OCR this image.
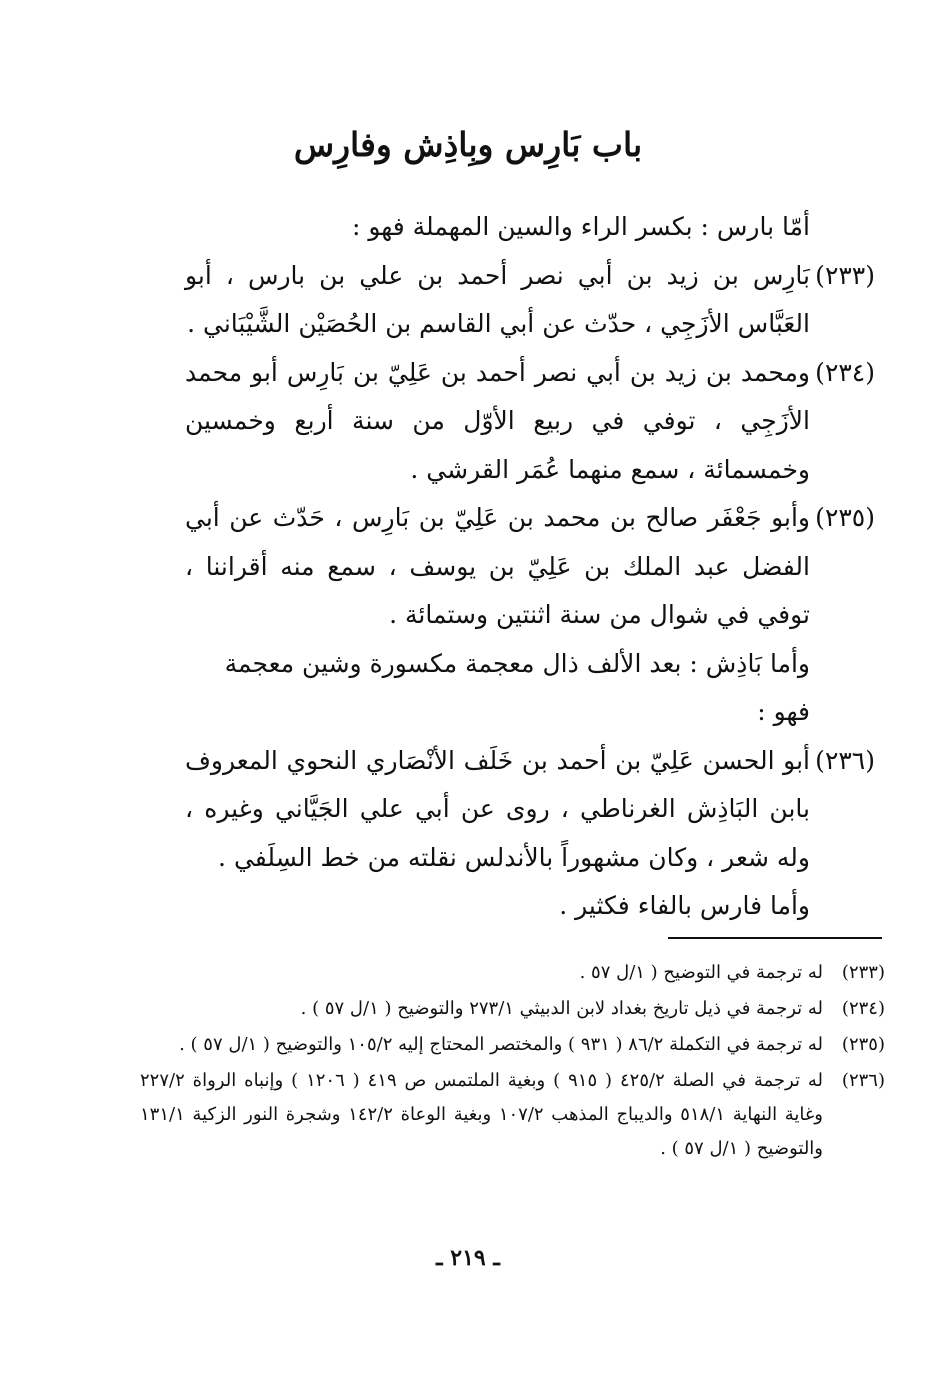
باب بَارِس وبِاذِش وفارِس

أمّا بارس : بكسر الراء والسين المهملة فهو :

(٢٣٣)
بَارِس بن زيد بن أبي نصر أحمد بن علي بن بارس ، أبو العَبَّاس الأزَجِي ، حدّث عن أبي القاسم بن الحُصَيْن الشَّيْبَاني .
(٢٣٤)
ومحمد بن زيد بن أبي نصر أحمد بن عَلِيّ بن بَارِس أبو محمد الأزَجِي ، توفي في ربيع الأوّل من سنة أربع وخمسين وخمسمائة ، سمع منهما عُمَر القرشي .
(٢٣٥)
وأبو جَعْفَر صالح بن محمد بن عَلِيّ بن بَارِس ، حَدّث عن أبي الفضل عبد الملك بن عَلِيّ بن يوسف ، سمع منه أقراننا ، توفي في شوال من سنة اثنتين وستمائة .

وأما بَاذِش : بعد الألف ذال معجمة مكسورة وشين معجمة فهو :

(٢٣٦)
أبو الحسن عَلِيّ بن أحمد بن خَلَف الأنْصَاري النحوي المعروف بابن البَاذِش الغرناطي ، روى عن أبي علي الجَيَّاني وغيره ، وله شعر ، وكان مشهوراً بالأندلس نقلته من خط السِلَفي .

وأما فارس بالفاء فكثير .

(٢٣٣)
له ترجمة في التوضيح ( ١/ل ٥٧ .
(٢٣٤)
له ترجمة في ذيل تاريخ بغداد لابن الدبيثي ٢٧٣/١ والتوضيح ( ١/ل ٥٧ ) .
(٢٣٥)
له ترجمة في التكملة ٨٦/٢ ( ٩٣١ ) والمختصر المحتاج إليه ١٠٥/٢ والتوضيح ( ١/ل ٥٧ ) .
(٢٣٦)
له ترجمة في الصلة ٤٢٥/٢ ( ٩١٥ ) وبغية الملتمس ص ٤١٩ ( ١٢٠٦ ) وإنباه الرواة ٢٢٧/٢ وغاية النهاية ٥١٨/١ والديباج المذهب ١٠٧/٢ وبغية الوعاة ١٤٢/٢ وشجرة النور الزكية ١٣١/١ والتوضيح ( ١/ل ٥٧ ) .
ـ ٢١٩ ـ
